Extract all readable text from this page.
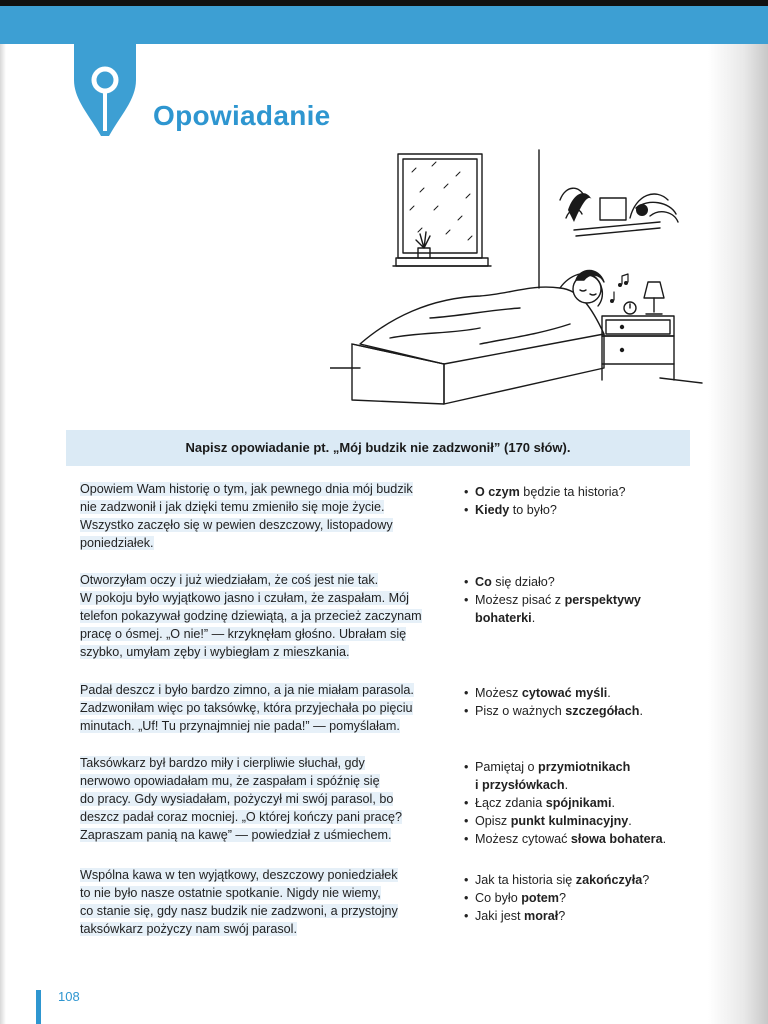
Opowiadanie
Napisz opowiadanie pt. „Mój budzik nie zadzwonił” (170 słów).
Opowiem Wam historię o tym, jak pewnego dnia mój budzik
nie zadzwonił i jak dzięki temu zmieniło się moje życie.
Wszystko zaczęło się w pewien deszczowy, listopadowy
poniedziałek.
Otworzyłam oczy i już wiedziałam, że coś jest nie tak.
W pokoju było wyjątkowo jasno i czułam, że zaspałam. Mój
telefon pokazywał godzinę dziewiątą, a ja przecież zaczynam
pracę o ósmej. „O nie!” — krzyknęłam głośno. Ubrałam się
szybko, umyłam zęby i wybiegłam z mieszkania.
Padał deszcz i było bardzo zimno, a ja nie miałam parasola.
Zadzwoniłam więc po taksówkę, która przyjechała po pięciu
minutach. „Uf! Tu przynajmniej nie pada!” — pomyślałam.
Taksówkarz był bardzo miły i cierpliwie słuchał, gdy
nerwowo opowiadałam mu, że zaspałam i spóźnię się
do pracy. Gdy wysiadałam, pożyczył mi swój parasol, bo
deszcz padał coraz mocniej. „O której kończy pani pracę?
Zapraszam panią na kawę” — powiedział z uśmiechem.
Wspólna kawa w ten wyjątkowy, deszczowy poniedziałek
to nie było nasze ostatnie spotkanie. Nigdy nie wiemy,
co stanie się, gdy nasz budzik nie zadzwoni, a przystojny
taksówkarz pożyczy nam swój parasol.
• O czym będzie ta historia?
• Kiedy to było?
• Co się działo?
• Możesz pisać z perspektywy
bohaterki.
• Możesz cytować myśli.
• Pisz o ważnych szczegółach.
• Pamiętaj o przymiotnikach
i przysłówkach.
• Łącz zdania spójnikami.
• Opisz punkt kulminacyjny.
• Możesz cytować słowa bohatera.
• Jak ta historia się zakończyła?
• Co było potem?
• Jaki jest morał?
108
